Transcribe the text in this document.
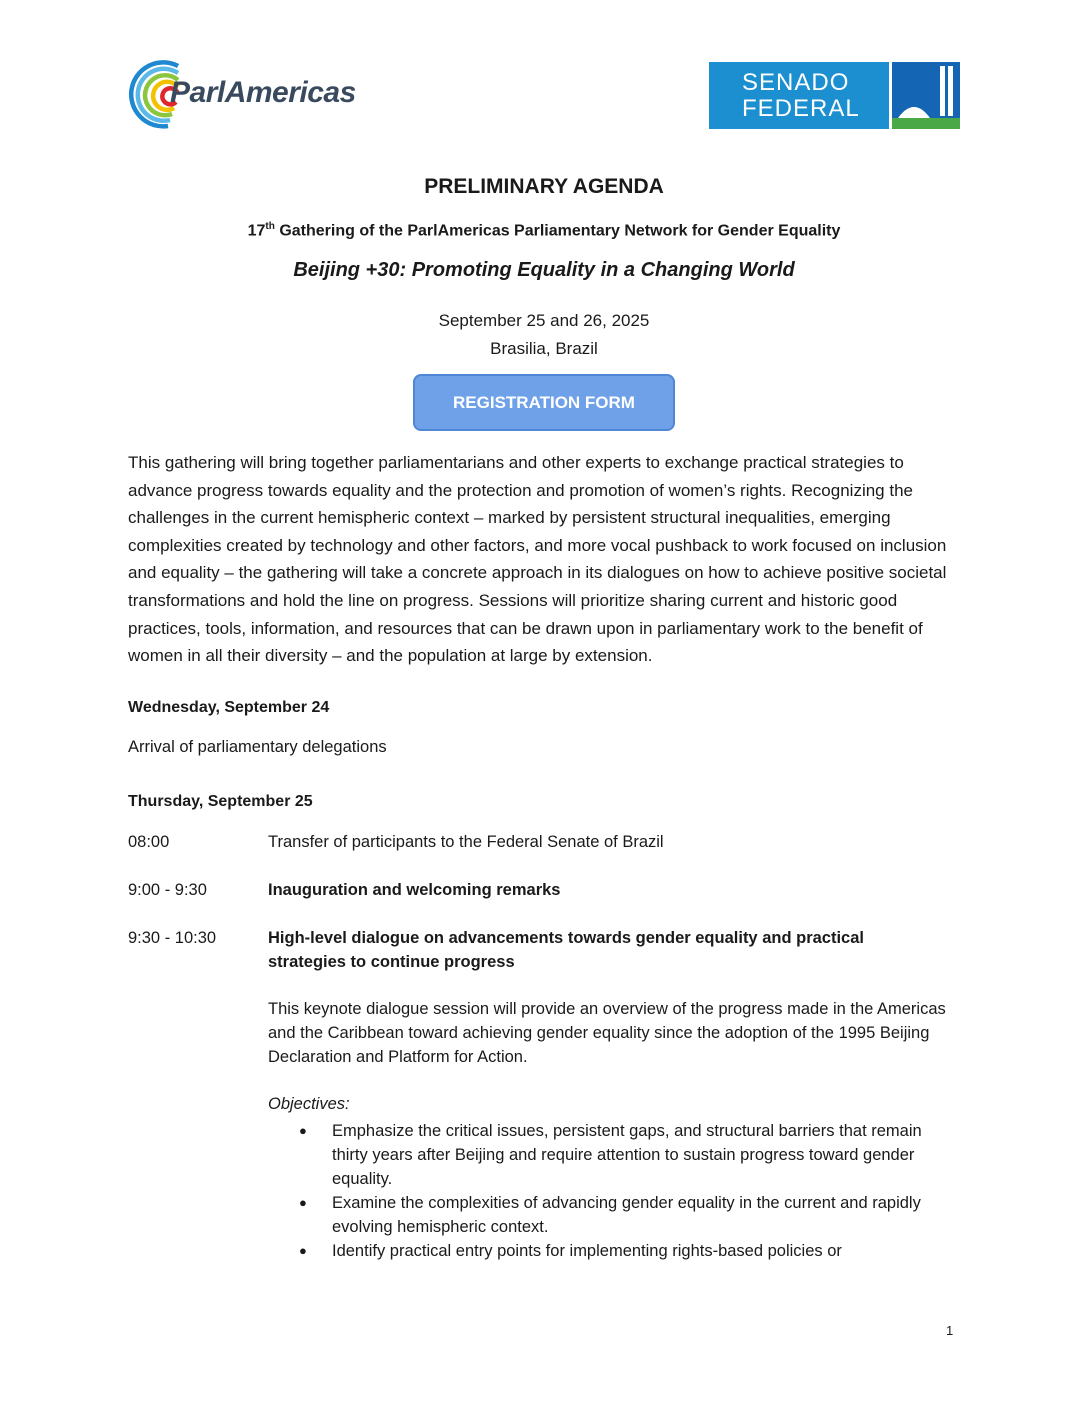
ParlAmericas	SENADO
FEDERAL
PRELIMINARY AGENDA
17th Gathering of the ParlAmericas Parliamentary Network for Gender Equality
Beijing +30: Promoting Equality in a Changing World
September 25 and 26, 2025
Brasilia, Brazil
REGISTRATION FORM

This gathering will bring together parliamentarians and other experts to exchange practical strategies to advance progress towards equality and the protection and promotion of women’s rights. Recognizing the challenges in the current hemispheric context – marked by persistent structural inequalities, emerging complexities created by technology and other factors, and more vocal pushback to work focused on inclusion and equality – the gathering will take a concrete approach in its dialogues on how to achieve positive societal transformations and hold the line on progress. Sessions will prioritize sharing current and historic good practices, tools, information, and resources that can be drawn upon in parliamentary work to the benefit of women in all their diversity – and the population at large by extension.

Wednesday, September 24
Arrival of parliamentary delegations
Thursday, September 25
08:00	Transfer of participants to the Federal Senate of Brazil
9:00 - 9:30	Inauguration and welcoming remarks
9:30 - 10:30	High-level dialogue on advancements towards gender equality and practical strategies to continue progress

This keynote dialogue session will provide an overview of the progress made in the Americas and the Caribbean toward achieving gender equality since the adoption of the 1995 Beijing Declaration and Platform for Action.

Objectives:
● Emphasize the critical issues, persistent gaps, and structural barriers that remain thirty years after Beijing and require attention to sustain progress toward gender equality.
● Examine the complexities of advancing gender equality in the current and rapidly evolving hemispheric context.
● Identify practical entry points for implementing rights-based policies or
1
